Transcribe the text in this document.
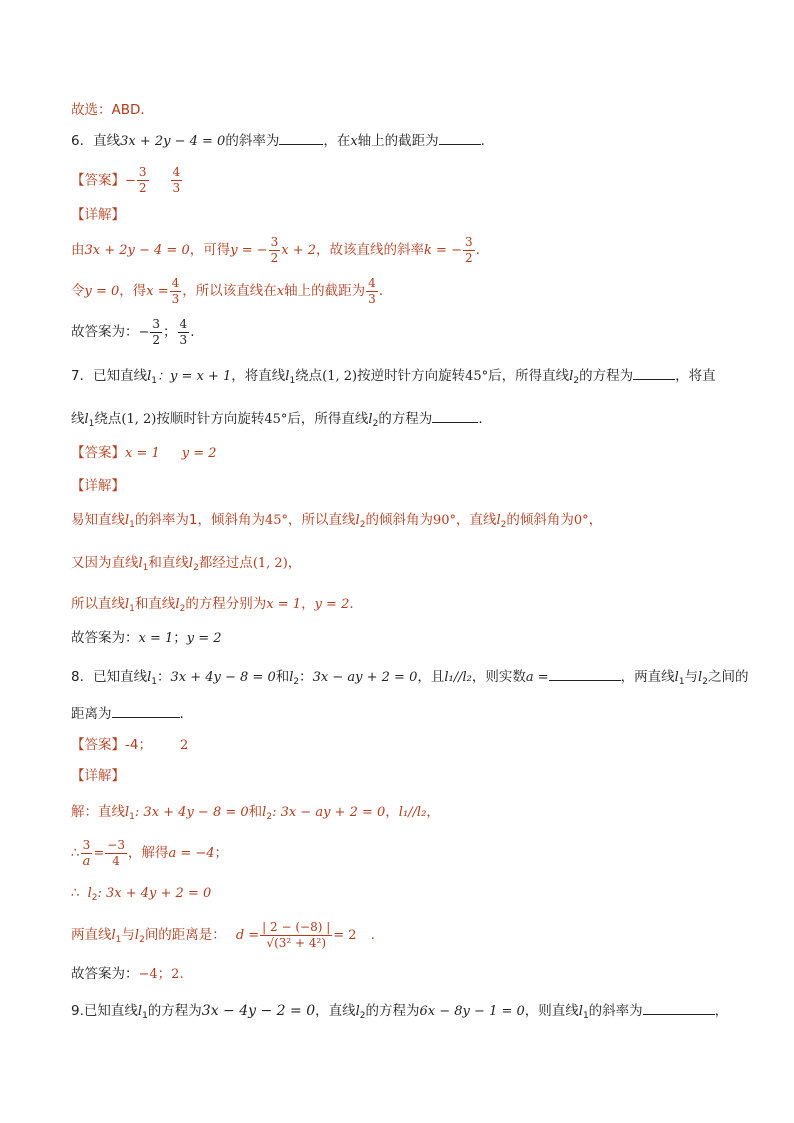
故选：ABD．
6．直线3x + 2y − 4 = 0的斜率为	，在x轴上的截距为	.
【答案】− $\frac{3}{2} \frac{4}{3}$
【详解】
由3x + 2y − 4 = 0，可得y = − $\frac{3}{2}$ x + 2，故该直线的斜率k = − $\frac{3}{2}$ .
令y = 0，得$x = \frac{4}{3}$ ，所以该直线在x轴上的截距为 $\frac{4}{3}$ .
故答案为：− $\frac{3}{2}$ ； $\frac{4}{3}$ .
7．已知直线$l_1$：y = x + 1，将直线$l_1$绕点(1, 2)按逆时针方向旋转45°后，所得直线$l_2$的方程为	，将直
线$l_1$绕点(1, 2)按顺时针方向旋转45°后，所得直线$l_2$的方程为	.
【答案】x = 1 y = 2
【详解】
易知直线$l_1$的斜率为1，倾斜角为45°，所以直线$l_2$的倾斜角为90°，直线$l_2$的倾斜角为0°，
又因为直线$l_1$和直线$l_2$都经过点(1, 2)，
所以直线$l_1$和直线$l_2$的方程分别为x = 1，y = 2.
故答案为：x = 1；y = 2
8．已知直线$l_1$：3x + 4y − 8 = 0和$l_2$：3x − ay + 2 = 0，且l₁//l₂，则实数a =	，两直线$l_1$与$l_2$之间的
距离为	.
【答案】-4； 2
【详解】
解：直线$l_1$: 3x + 4y − 8 = 0和$l_2$: 3x − ay + 2 = 0，l₁//l₂，
∴ $\frac{3}{a} = \frac{-3}{4}$ ，解得a = −4；
∴ $l_2$: 3x + 4y + 2 = 0
两直线$l_1$与$l_2$间的距离是： $d = \frac{| 2 - (-8) |}{\text{√(3² + 4²)}} = 2$ .
故答案为：−4；2.
9.已知直线$l_1$的方程为3x − 4y − 2 = 0，直线$l_2$的方程为6x − 8y − 1 = 0，则直线$l_1$的斜率为	，
